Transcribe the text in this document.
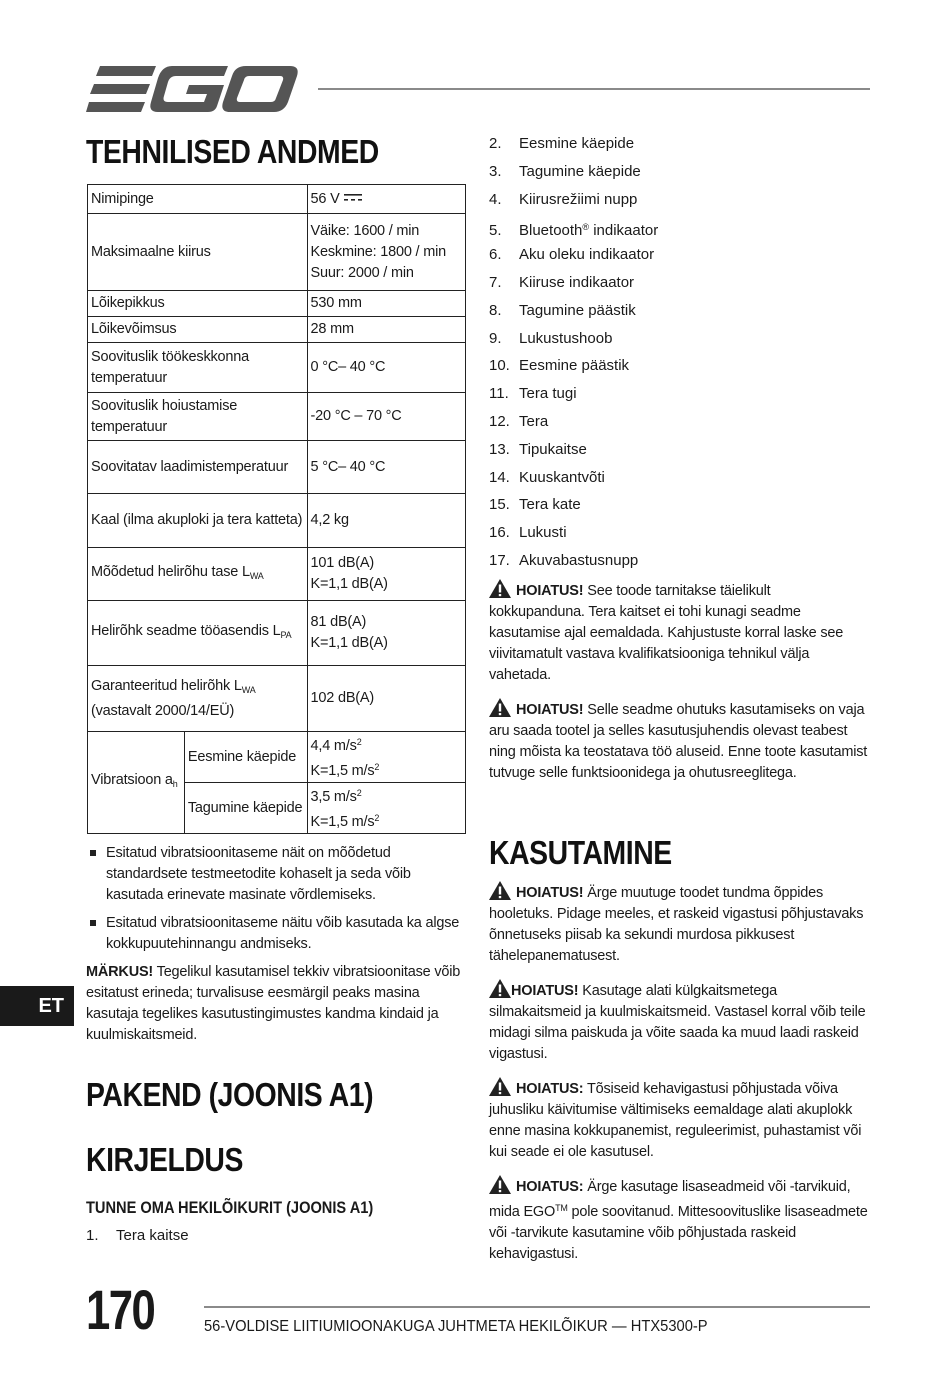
ET
TEHNILISED ANDMED
Nimipinge		56 V
Maksimaalne kiirus		Väike: 1600 / min
Keskmine: 1800 / min
Suur: 2000 / min

Lõikepikkus		530 mm
Lõikevõimsus		28 mm
Soovituslik töökeskkonna temperatuur		0 °C– 40 °C
Soovituslik hoiustamise temperatuur		-20 °C – 70 °C
Soovitatav laadimistemperatuur		5 °C– 40 °C
Kaal (ilma akuploki ja tera katteta)		4,2 kg
Mõõdetud helirõhu tase $L_{WA}$		101 dB(A)
K=1,1 dB(A)

Helirõhk seadme tööasendis $L_{PA}$		81 dB(A)
K=1,1 dB(A)

Garanteeritud helirõhk $L_{WA}$
(vastavalt 2000/14/EÜ)		102 dB(A)
Vibratsioon $a_h$	Eesmine käepide	4,4 $m/s^2$
K=1,5 $m/s^2$

	Tagumine käepide	3,5 $m/s^2$
K=1,5 $m/s^2$
Esitatud vibratsioonitaseme näit on mõõdetud standardsete testmeetodite kohaselt ja seda võib kasutada erinevate masinate võrdlemiseks.
Esitatud vibratsioonitaseme näitu võib kasutada ka algse kokkupuutehinnangu andmiseks.
MÄRKUS! Tegelikul kasutamisel tekkiv vibratsioonitase võib esitatust erineda; turvalisuse eesmärgil peaks masina kasutaja tegelikes kasutustingimustes kandma kindaid ja kuulmiskaitsmeid.
PAKEND (JOONIS A1)
KIRJELDUS
TUNNE OMA HEKILÕIKURIT (JOONIS A1)
1. Tera kaitse
2. Eesmine käepide
3. Tagumine käepide
4. Kiirusrežiimi nupp
5. Bluetooth® indikaator
6. Aku oleku indikaator
7. Kiiruse indikaator
8. Tagumine päästik
9. Lukustushoob
10. Eesmine päästik
11. Tera tugi
12. Tera
13. Tipukaitse
14. Kuuskantvõti
15. Tera kate
16. Lukusti
17. Akuvabastusnupp
HOIATUS! See toode tarnitakse täielikult kokkupanduna. Tera kaitset ei tohi kunagi seadme kasutamise ajal eemaldada. Kahjustuste korral laske see viivitamatult vastava kvalifikatsiooniga tehnikul välja vahetada.
HOIATUS! Selle seadme ohutuks kasutamiseks on vaja aru saada tootel ja selles kasutusjuhendis olevast teabest ning mõista ka teostatava töö aluseid. Enne toote kasutamist tutvuge selle funktsioonidega ja ohutusreeglitega.
KASUTAMINE
HOIATUS! Ärge muutuge toodet tundma õppides hooletuks. Pidage meeles, et raskeid vigastusi põhjustavaks õnnetuseks piisab ka sekundi murdosa pikkusest tähelepanematusest.
HOIATUS! Kasutage alati külgkaitsmetega silmakaitsmeid ja kuulmiskaitsmeid. Vastasel korral võib teile midagi silma paiskuda ja võite saada ka muud laadi raskeid vigastusi.
HOIATUS: Tõsiseid kehavigastusi põhjustada võiva juhusliku käivitumise vältimiseks eemaldage alati akuplokk enne masina kokkupanemist, reguleerimist, puhastamist või kui seade ei ole kasutusel.
HOIATUS: Ärge kasutage lisaseadmeid või -tarvikuid, mida EGO™ pole soovitanud. Mittesoovituslike lisaseadmete või -tarvikute kasutamine võib põhjustada raskeid kehavigastusi.
170	56-VOLDISE LIITIUMIOONAKUGA JUHTMETA HEKILÕIKUR — HTX5300-P
